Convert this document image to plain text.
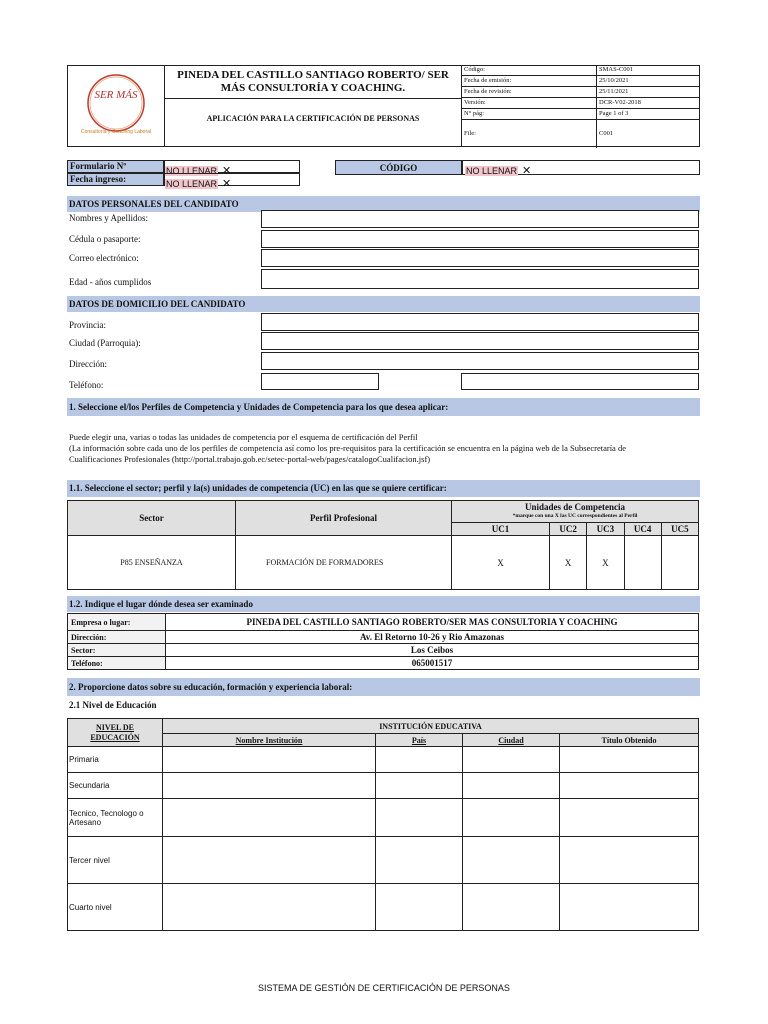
SER MÁS
Consultoría y Coaching Laboral
PINEDA DEL CASTILLO SANTIAGO ROBERTO/ SER MÁS CONSULTORÍA Y COACHING.
APLICACIÓN PARA LA CERTIFICACIÓN DE PERSONAS
Código:	SMAS-C001
Fecha de emisión:	25/10/2021
Fecha de revisión:	25/11/2021
Versión:	DCR-V02-2018
N° pág:	Page 1 of 3
File:	C001
Formulario Nº	NO LLENAR ✕
Fecha ingreso:	NO LLENAR ✕
CÓDIGO	NO LLENAR ✕
DATOS PERSONALES DEL CANDIDATO
Nombres y Apellidos:
Cédula o pasaporte:
Correo electrónico:
Edad - años cumplidos
DATOS DE DOMICILIO DEL CANDIDATO
Provincia:
Ciudad (Parroquia):
Dirección:
Teléfono:
1. Seleccione el/los Perfiles de Competencia y Unidades de Competencia para los que desea aplicar:
Puede elegir una, varias o todas las unidades de competencia por el esquema de certificación del Perfil
(La información sobre cada uno de los perfiles de competencia así como los pre-requisitos para la certificación se encuentra en la página web de la Subsecretaría de
Cualificaciones Profesionales (http://portal.trabajo.gob.ec/setec-portal-web/pages/catalogoCualifacion.jsf)
1.1. Seleccione el sector; perfil y la(s) unidades de competencia (UC) en las que se quiere certificar:
Sector	Perfil Profesional	Unidades de Competencia
*marque con una X las UC correspondientes al Perfil				

		UC1	UC2	UC3	UC4	UC5
P85 ENSEÑANZA	FORMACIÓN DE FORMADORES	X	X	X		
1.2. Indique el lugar dónde desea ser examinado
Empresa o lugar:	PINEDA DEL CASTILLO SANTIAGO ROBERTO/SER MAS CONSULTORIA Y COACHING
Dirección:	Av. El Retorno 10-26 y Rio Amazonas
Sector:	Los Ceibos
Teléfono:	065001517
2. Proporcione datos sobre su educación, formación y experiencia laboral:
2.1 Nivel de Educación
NIVEL DE EDUCACIÓN	INSTITUCIÓN EDUCATIVA			
	Nombre Institución	País	Ciudad	Título Obtenido
Primaria				
Secundaria				
Tecnico, Tecnologo o Artesano				
Tercer nivel				
Cuarto nivel				
SISTEMA DE GESTIÓN DE CERTIFICACIÓN DE PERSONAS
